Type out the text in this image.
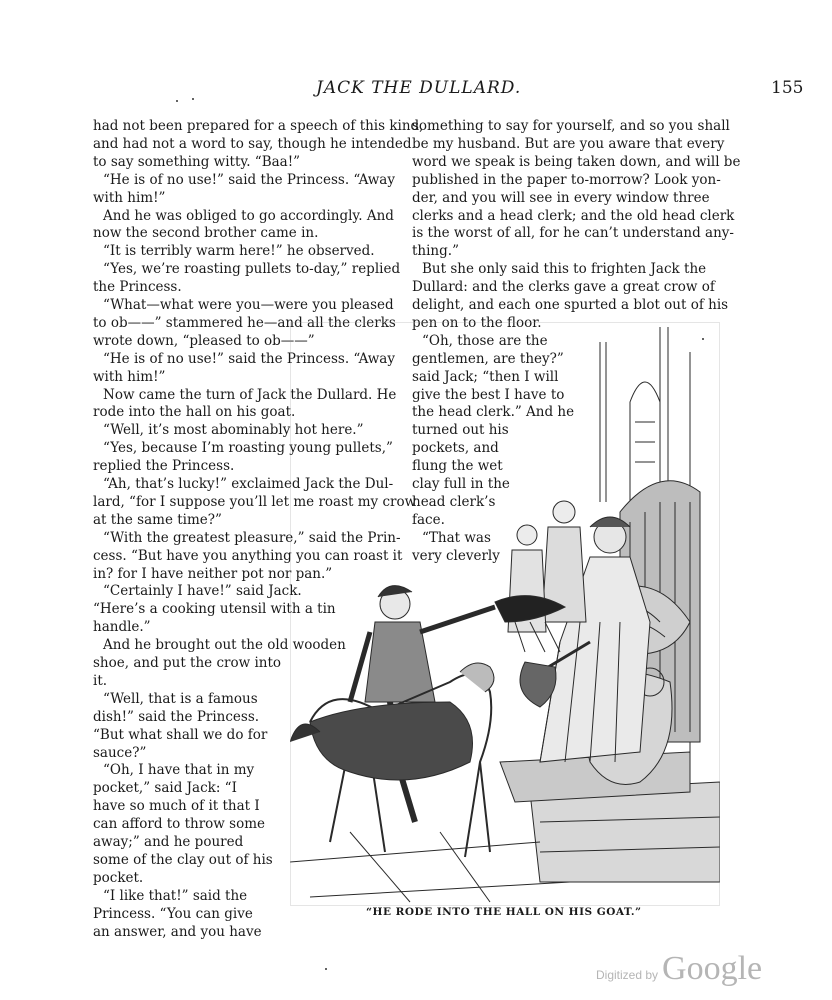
JACK THE DULLARD.	155
had not been prepared for a speech of this kind,
and had not a word to say, though he intended
to say something witty. “Baa!”
“He is of no use!” said the Princess. “Away
with him!”
And he was obliged to go accordingly. And
now the second brother came in.
“It is terribly warm here!” he observed.
“Yes, we’re roasting pullets to-day,” replied
the Princess.
“What—what were you—were you pleased
to ob——” stammered he—and all the clerks
wrote down, “pleased to ob——”
“He is of no use!” said the Princess. “Away
with him!”
Now came the turn of Jack the Dullard. He
rode into the hall on his goat.
“Well, it’s most abominably hot here.”
“Yes, because I’m roasting young pullets,”
replied the Princess.
“Ah, that’s lucky!” exclaimed Jack the Dul-
lard, “for I suppose you’ll let me roast my crow
at the same time?”
“With the greatest pleasure,” said the Prin-
cess. “But have you anything you can roast it
in? for I have neither pot nor pan.”
“Certainly I have!” said Jack.
“Here’s a cooking utensil with a tin
handle.”
And he brought out the old wooden
shoe, and put the crow into
it.
“Well, that is a famous
dish!” said the Princess.
“But what shall we do for
sauce?”
“Oh, I have that in my
pocket,” said Jack: “I
have so much of it that I
can afford to throw some
away;” and he poured
some of the clay out of his
pocket.
“I like that!” said the
Princess. “You can give
an answer, and you have
something to say for yourself, and so you shall
be my husband. But are you aware that every
word we speak is being taken down, and will be
published in the paper to-morrow? Look yon-
der, and you will see in every window three
clerks and a head clerk; and the old head clerk
is the worst of all, for he can’t understand any-
thing.”
But she only said this to frighten Jack the
Dullard: and the clerks gave a great crow of
delight, and each one spurted a blot out of his
pen on to the floor.
“Oh, those are the
gentlemen, are they?”
said Jack; “then I will
give the best I have to
the head clerk.” And he
turned out his
pockets, and
flung the wet
clay full in the
head clerk’s
face.
“That was
very cleverly
“HE RODE INTO THE HALL ON HIS GOAT.”
Digitized by Google
